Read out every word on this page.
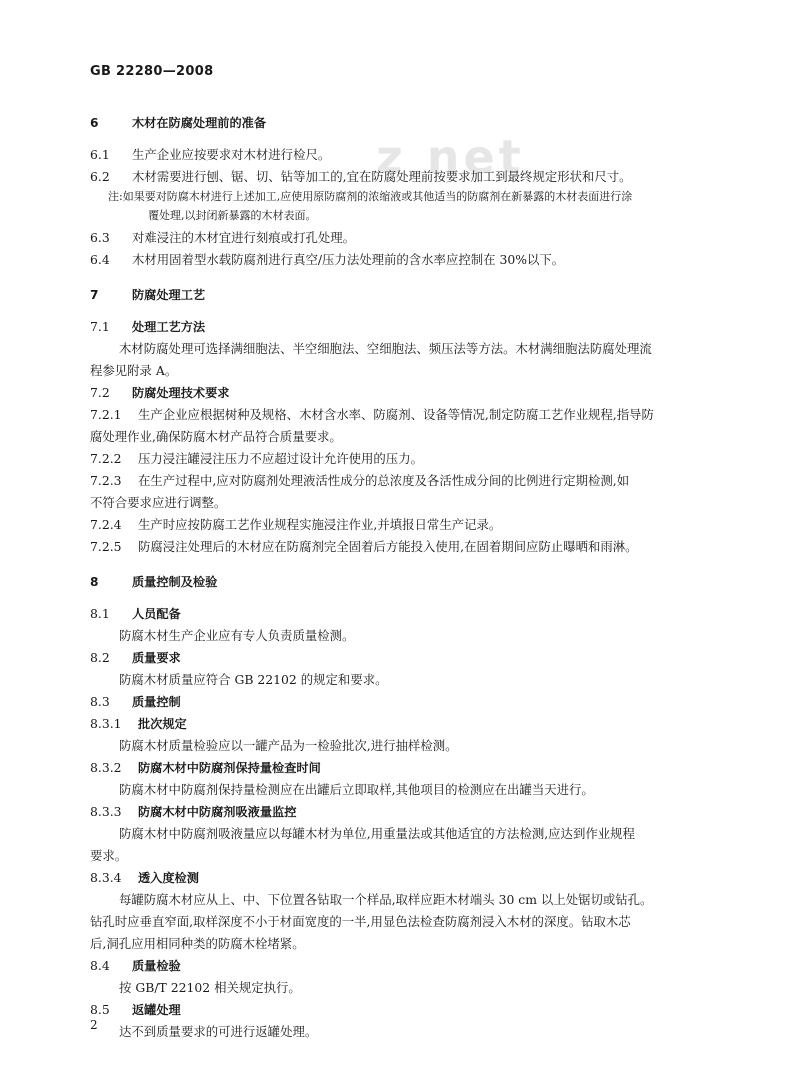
z net
GB 22280—2008

6	木材在防腐处理前的准备

6.1 生产企业应按要求对木材进行检尺。

6.2 木材需要进行刨、锯、切、钻等加工的,宜在防腐处理前按要求加工到最终规定形状和尺寸。

注:如果要对防腐木材进行上述加工,应使用原防腐剂的浓缩液或其他适当的防腐剂在新暴露的木材表面进行涂

覆处理,以封闭新暴露的木材表面。

6.3 对难浸注的木材宜进行刻痕或打孔处理。

6.4 木材用固着型水载防腐剂进行真空/压力法处理前的含水率应控制在 30%以下。

7	防腐处理工艺

7.1 处理工艺方法

木材防腐处理可选择满细胞法、半空细胞法、空细胞法、频压法等方法。木材满细胞法防腐处理流

程参见附录 A。

7.2 防腐处理技术要求

7.2.1 生产企业应根据树种及规格、木材含水率、防腐剂、设备等情况,制定防腐工艺作业规程,指导防

腐处理作业,确保防腐木材产品符合质量要求。

7.2.2 压力浸注罐浸注压力不应超过设计允许使用的压力。

7.2.3 在生产过程中,应对防腐剂处理液活性成分的总浓度及各活性成分间的比例进行定期检测,如

不符合要求应进行调整。

7.2.4 生产时应按防腐工艺作业规程实施浸注作业,并填报日常生产记录。

7.2.5 防腐浸注处理后的木材应在防腐剂完全固着后方能投入使用,在固着期间应防止曝晒和雨淋。

8	质量控制及检验

8.1 人员配备

防腐木材生产企业应有专人负责质量检测。

8.2 质量要求

防腐木材质量应符合 GB 22102 的规定和要求。

8.3 质量控制

8.3.1 批次规定

防腐木材质量检验应以一罐产品为一检验批次,进行抽样检测。

8.3.2 防腐木材中防腐剂保持量检查时间

防腐木材中防腐剂保持量检测应在出罐后立即取样,其他项目的检测应在出罐当天进行。

8.3.3 防腐木材中防腐剂吸液量监控

防腐木材中防腐剂吸液量应以每罐木材为单位,用重量法或其他适宜的方法检测,应达到作业规程

要求。

8.3.4 透入度检测

每罐防腐木材应从上、中、下位置各钻取一个样品,取样应距木材端头 30 cm 以上处锯切或钻孔。

钻孔时应垂直窄面,取样深度不小于材面宽度的一半,用显色法检查防腐剂浸入木材的深度。钻取木芯

后,洞孔应用相同种类的防腐木栓堵紧。

8.4 质量检验

按 GB/T 22102 相关规定执行。

8.5 返罐处理

达不到质量要求的可进行返罐处理。

2
